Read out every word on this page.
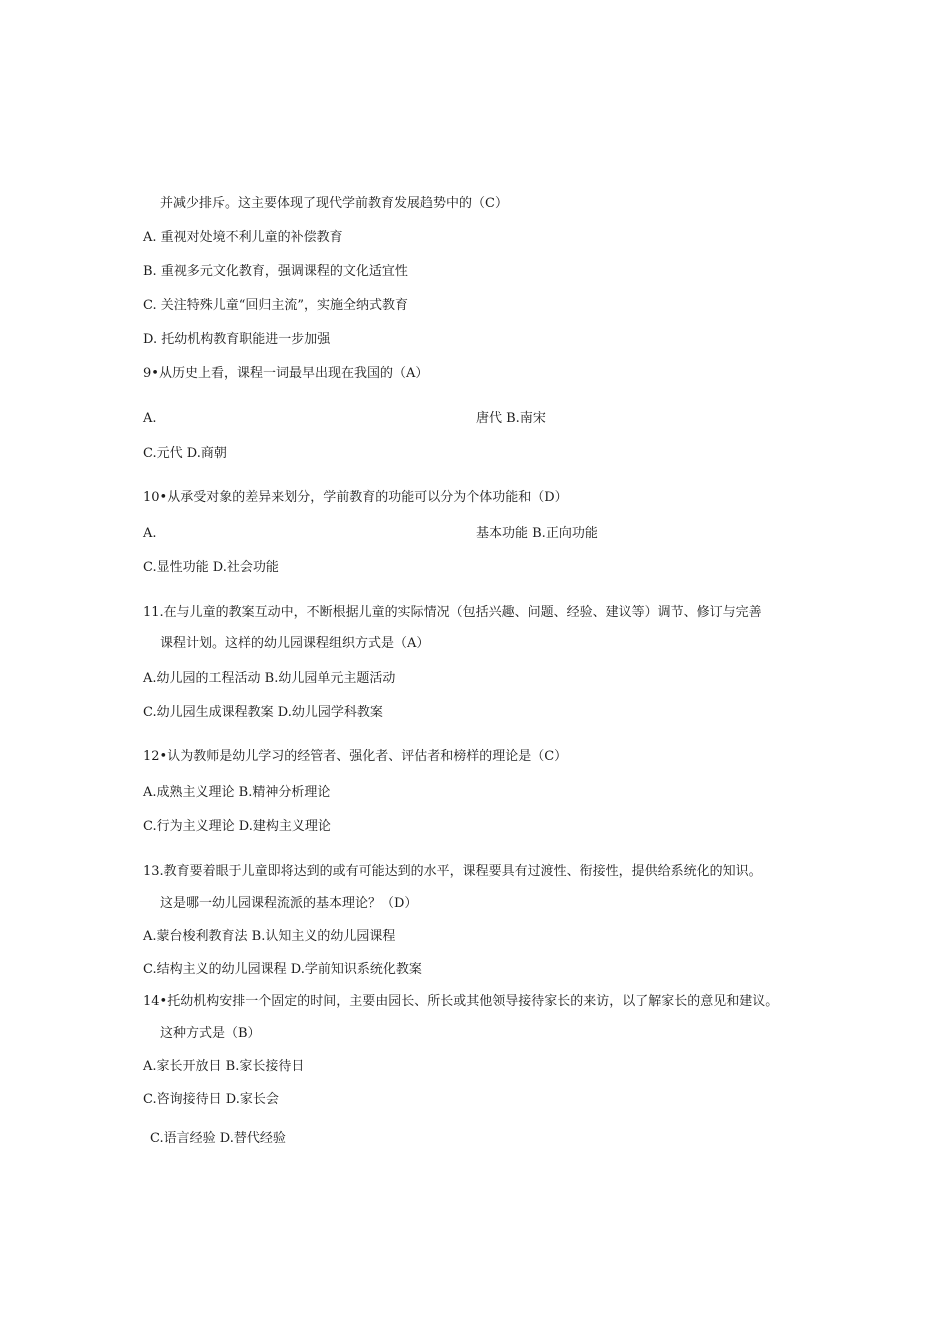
并减少排斥。这主要体现了现代学前教育发展趋势中的（C）
A. 重视对处境不利儿童的补偿教育
B. 重视多元文化教育，强调课程的文化适宜性
C. 关注特殊儿童“回归主流”，实施全纳式教育
D. 托幼机构教育职能进一步加强
9•从历史上看，课程一词最早出现在我国的（A）
A.	唐代 B.南宋
C.元代 D.商朝
10•从承受对象的差异来划分，学前教育的功能可以分为个体功能和（D）
A.	基本功能 B.正向功能
C.显性功能 D.社会功能
11.在与儿童的教案互动中，不断根据儿童的实际情况（包括兴趣、问题、经验、建议等）调节、修订与完善
课程计划。这样的幼儿园课程组织方式是（A）
A.幼儿园的工程活动 B.幼儿园单元主题活动
C.幼儿园生成课程教案 D.幼儿园学科教案
12•认为教师是幼儿学习的经管者、强化者、评估者和榜样的理论是（C）
A.成熟主义理论 B.精神分析理论
C.行为主义理论 D.建构主义理论
13.教育要着眼于儿童即将达到的或有可能达到的水平，课程要具有过渡性、衔接性，提供给系统化的知识。
这是哪一幼儿园课程流派的基本理论？（D）
A.蒙台梭利教育法 B.认知主义的幼儿园课程
C.结构主义的幼儿园课程 D.学前知识系统化教案
14•托幼机构安排一个固定的时间，主要由园长、所长或其他领导接待家长的来访，以了解家长的意见和建议。
这种方式是（B）
A.家长开放日 B.家长接待日
C.咨询接待日 D.家长会
C.语言经验 D.替代经验
